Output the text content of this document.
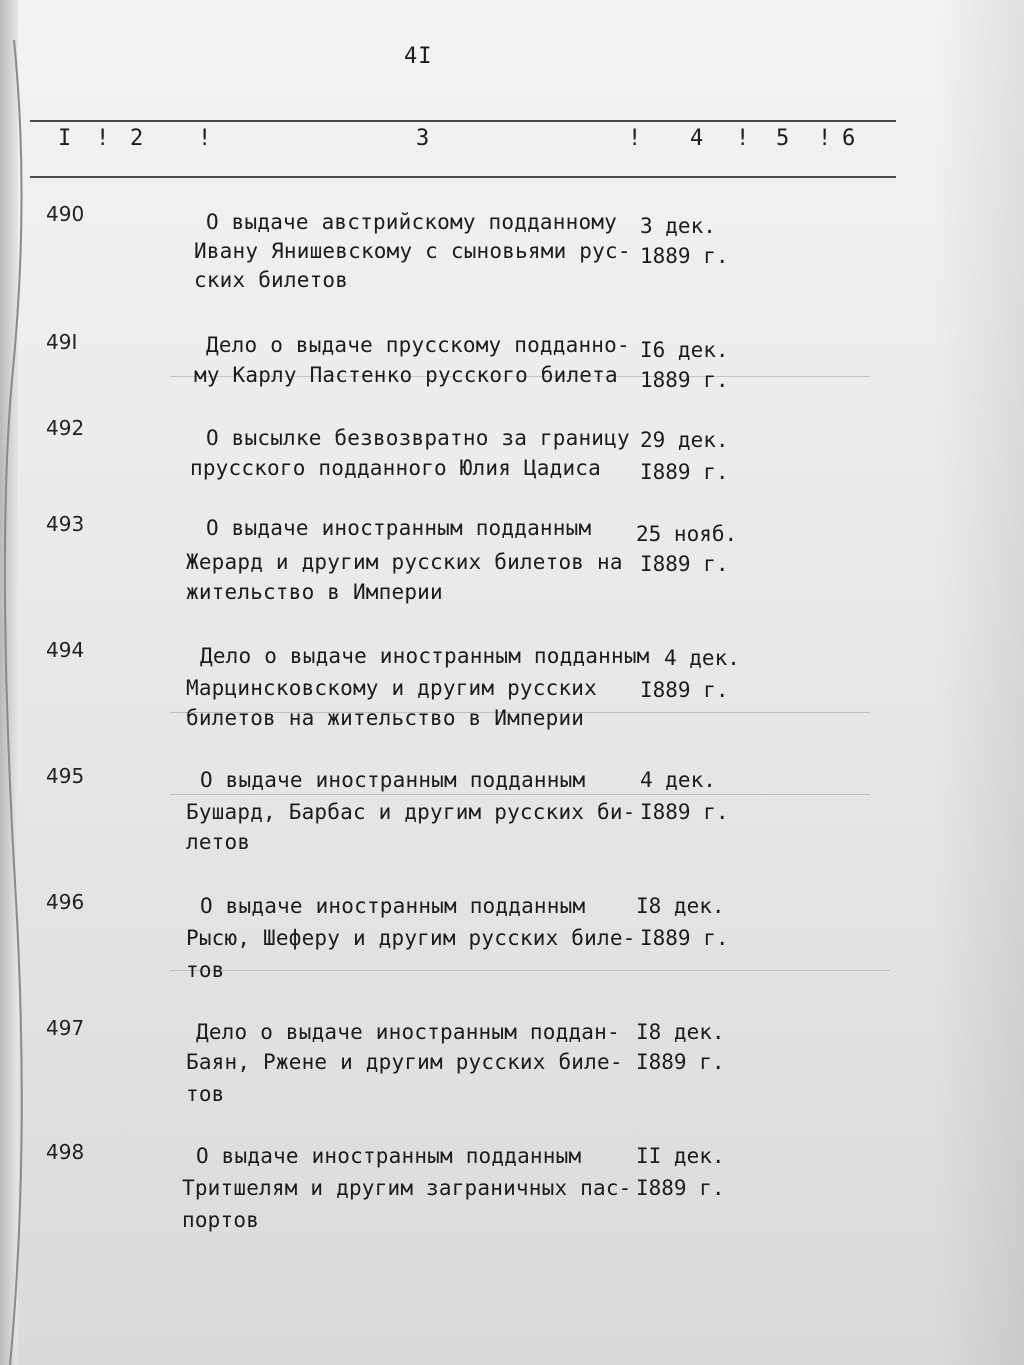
4I
I ! 2 !	3	! 4 ! 5 ! 6
490	О выдаче австрийскому подданному
Ивану Янишевскому с сыновьями рус-
ских билетов
3 дек.
1889 г.
49I	Дело о выдаче прусскому подданно-
му Карлу Пастенко русского билета
I6 дек.
1889 г.
492	О высылке безвозвратно за границу
прусского подданного Юлия Цадиса
29 дек.
I889 г.
493	О выдаче иностранным подданным
Жерард и другим русских билетов на
жительство в Империи
25 нояб.
I889 г.
494	Дело о выдаче иностранным подданным
Марцинсковскому и другим русских
билетов на жительство в Империи
4 дек.
I889 г.
495	О выдаче иностранным подданным
Бушард, Барбас и другим русских би-
летов
4 дек.
I889 г.
496	О выдаче иностранным подданным
Рысю, Шеферу и другим русских биле-
тов
I8 дек.
I889 г.
497	Дело о выдаче иностранным поддан-
Баян, Ржене и другим русских биле-
тов
I8 дек.
I889 г.
498	О выдаче иностранным подданным
Тритшелям и другим заграничных пас-
портов
II дек.
I889 г.
